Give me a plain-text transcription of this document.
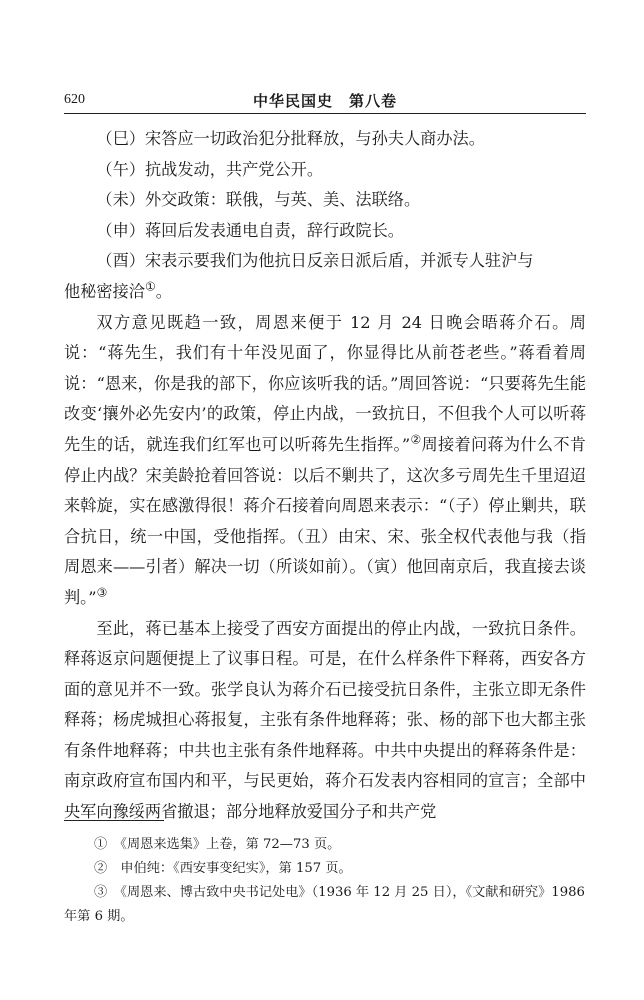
620	中华民国史　第八卷

（巳）宋答应一切政治犯分批释放，与孙夫人商办法。

（午）抗战发动，共产党公开。

（未）外交政策：联俄，与英、美、法联络。

（申）蒋回后发表通电自责，辞行政院长。

（酉）宋表示要我们为他抗日反亲日派后盾，并派专人驻沪与

他秘密接洽①。

双方意见既趋一致，周恩来便于 12 月 24 日晚会晤蒋介石。周说：“蒋先生，我们有十年没见面了，你显得比从前苍老些。”蒋看着周说：“恩来，你是我的部下，你应该听我的话。”周回答说：“只要蒋先生能改变‘攘外必先安内’的政策，停止内战，一致抗日，不但我个人可以听蒋先生的话，就连我们红军也可以听蒋先生指挥。”②周接着问蒋为什么不肯停止内战？宋美龄抢着回答说：以后不剿共了，这次多亏周先生千里迢迢来斡旋，实在感激得很！蒋介石接着向周恩来表示：“（子）停止剿共，联合抗日，统一中国，受他指挥。（丑）由宋、宋、张全权代表他与我（指周恩来——引者）解决一切（所谈如前）。（寅）他回南京后，我直接去谈判。”③

至此，蒋已基本上接受了西安方面提出的停止内战，一致抗日条件。释蒋返京问题便提上了议事日程。可是，在什么样条件下释蒋，西安各方面的意见并不一致。张学良认为蒋介石已接受抗日条件，主张立即无条件释蒋；杨虎城担心蒋报复，主张有条件地释蒋；张、杨的部下也大都主张有条件地释蒋；中共也主张有条件地释蒋。中共中央提出的释蒋条件是：南京政府宣布国内和平，与民更始，蒋介石发表内容相同的宣言；全部中央军向豫绥两省撤退；部分地释放爱国分子和共产党

①　《周恩来选集》上卷，第 72—73 页。

②　申伯纯：《西安事变纪实》，第 157 页。

③　《周恩来、博古致中央书记处电》（1936 年 12 月 25 日），《文献和研究》1986

年第 6 期。
